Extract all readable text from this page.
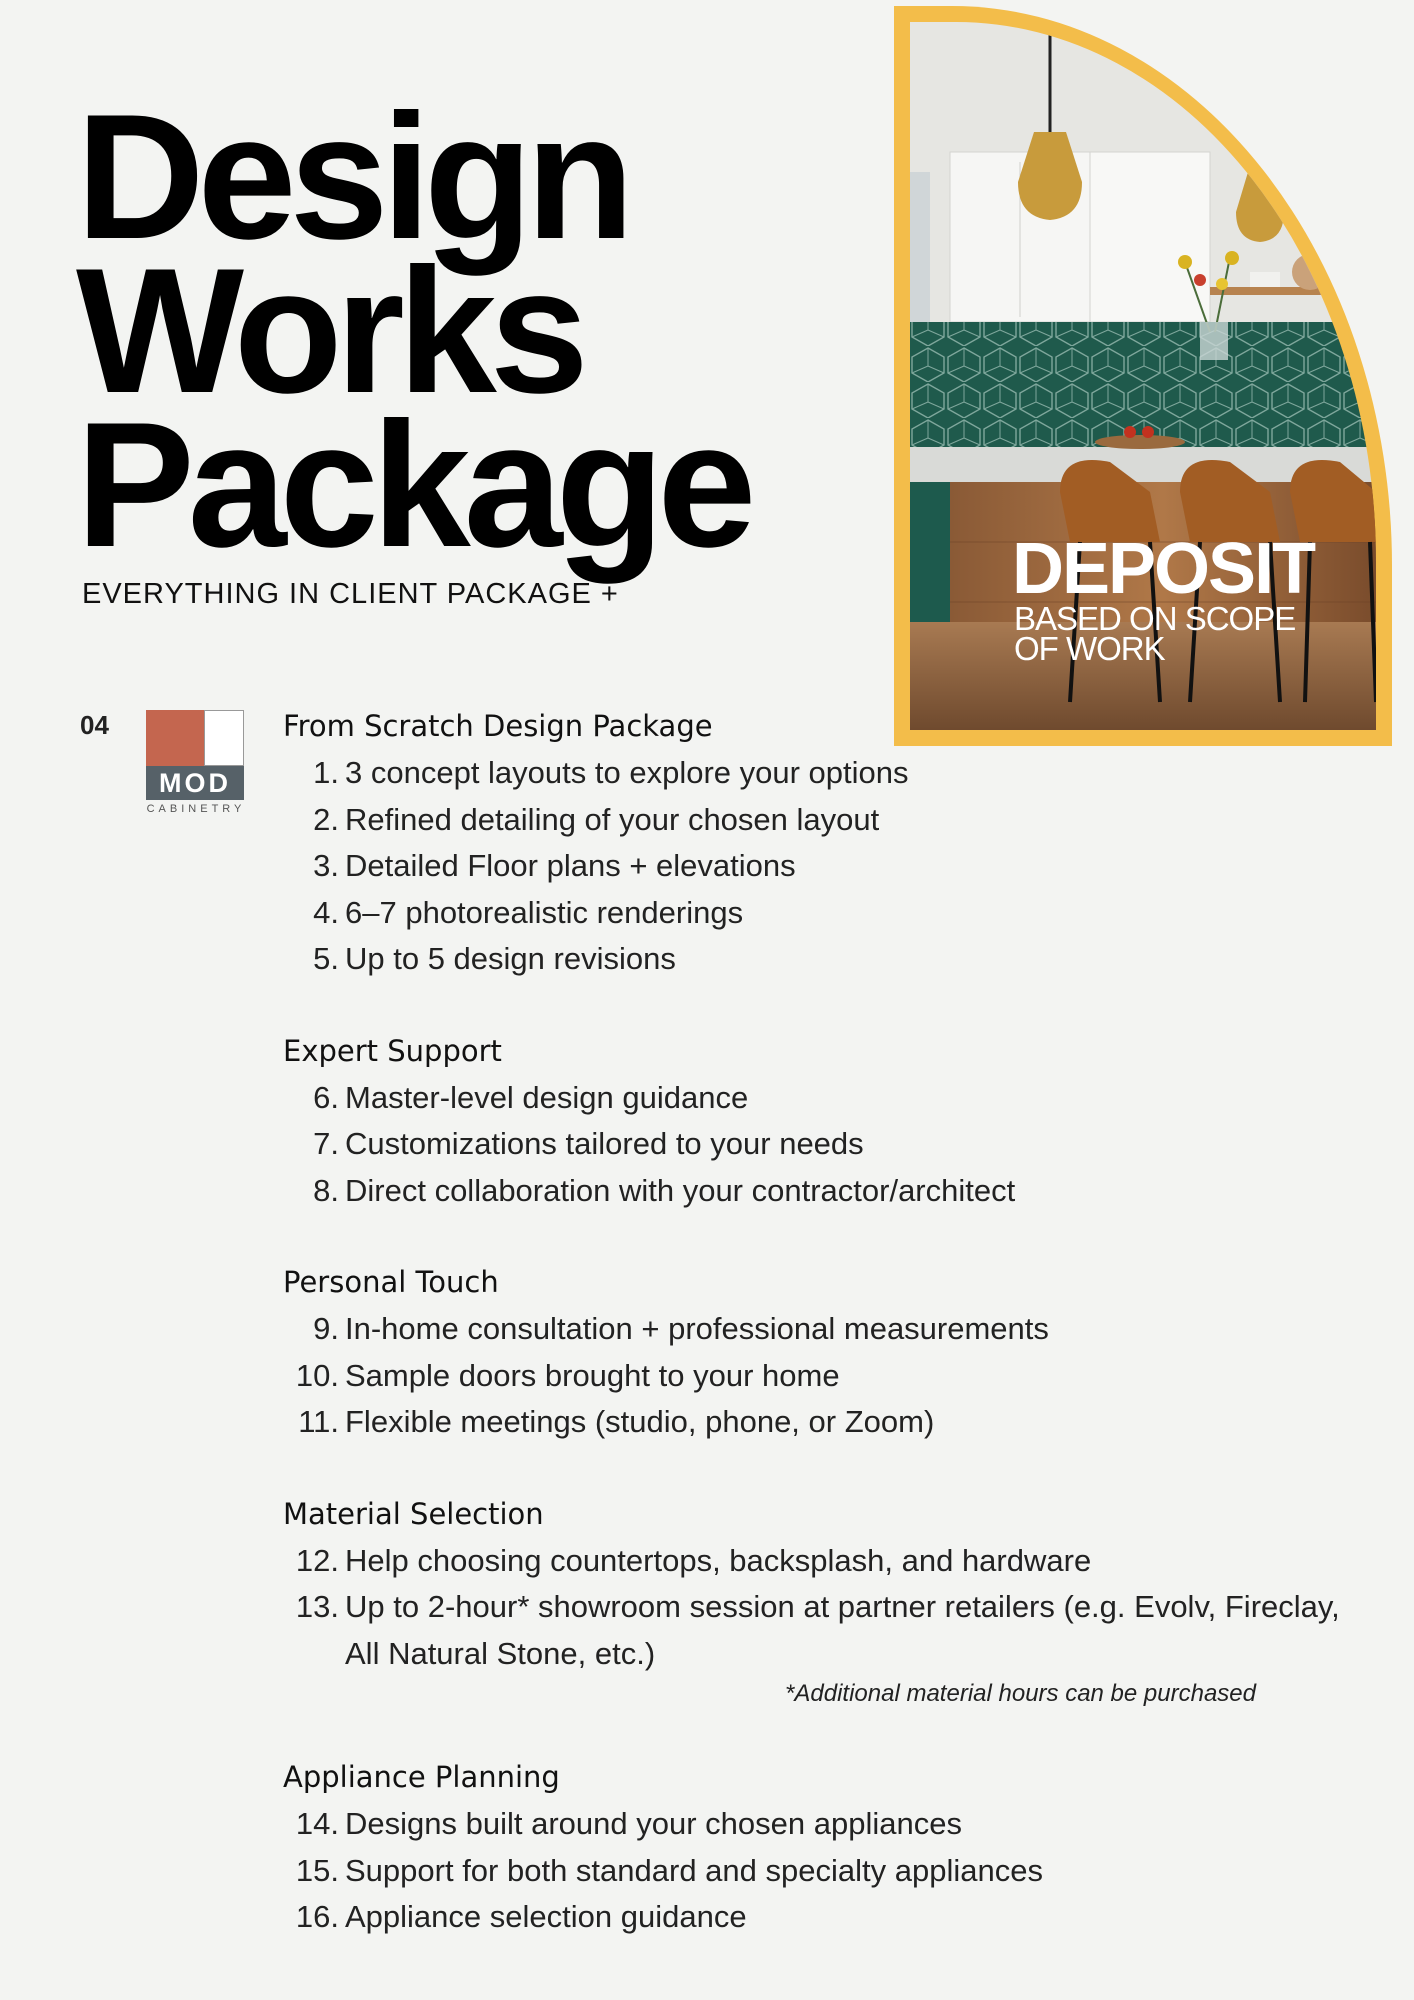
Design
Works
Package
EVERYTHING IN CLIENT PACKAGE +	DEPOSIT
BASED ON SCOPE OF WORK
04
MOD
CABINETRY
From Scratch Design Package
1. 3 concept layouts to explore your options
2. Refined detailing of your chosen layout
3. Detailed Floor plans + elevations
4. 6–7 photorealistic renderings
5. Up to 5 design revisions
Expert Support
6. Master-level design guidance
7. Customizations tailored to your needs
8. Direct collaboration with your contractor/architect
Personal Touch
9. In-home consultation + professional measurements
10. Sample doors brought to your home
11. Flexible meetings (studio, phone, or Zoom)
Material Selection
12. Help choosing countertops, backsplash, and hardware
13. Up to 2-hour* showroom session at partner retailers (e.g. Evolv, Fireclay, All Natural Stone, etc.)
*Additional material hours can be purchased
Appliance Planning
14. Designs built around your chosen appliances
15. Support for both standard and specialty appliances
16. Appliance selection guidance
